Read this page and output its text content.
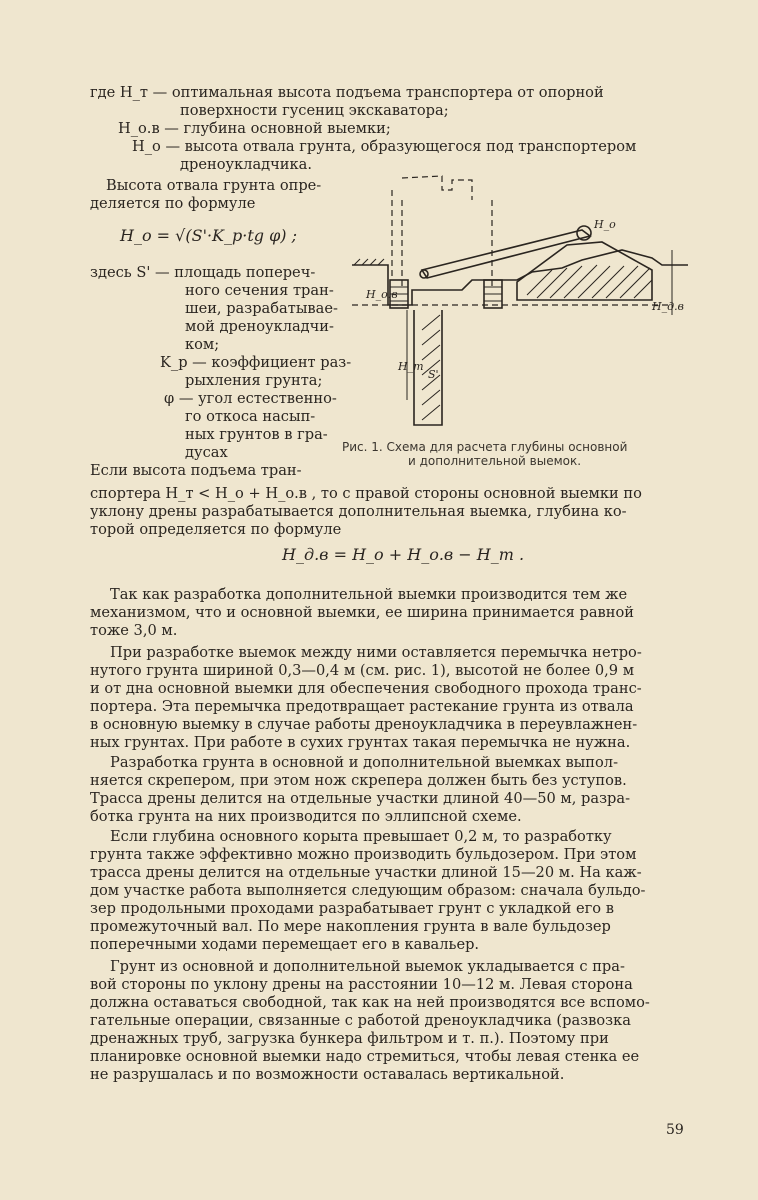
где H_т — оптимальная высота подъема транспортера от опорной
поверхности гусениц экскаватора;
H_о.в — глубина основной выемки;
H_о — высота отвала грунта, образующегося под транспортером
дреноукладчика.
Высота отвала грунта опре-
деляется по формуле
H_о = √(S'·K_р·tg φ) ;
здесь S' — площадь попереч-
ного сечения тран-
шеи, разрабатывае-
мой дреноукладчи-
ком;
K_р — коэффициент раз-
рыхления грунта;
φ — угол естественно-
го откоса насып-
ных грунтов в гра-
дусах
H_о.в
H_т
S'
H_о
H_д.в
Рис. 1. Схема для расчета глубины основной
и дополнительной выемок.
Если высота подъема тран-
спортера H_т < H_о + H_о.в , то с правой стороны основной выемки по
уклону дрены разрабатывается дополнительная выемка, глубина ко-
торой определяется по формуле
H_д.в = H_о + H_о.в − H_т .
Так как разработка дополнительной выемки производится тем же
механизмом, что и основной выемки, ее ширина принимается равной
тоже 3,0 м.
При разработке выемок между ними оставляется перемычка нетро-
нутого грунта шириной 0,3—0,4 м (см. рис. 1), высотой не более 0,9 м
и от дна основной выемки для обеспечения свободного прохода транс-
портера. Эта перемычка предотвращает растекание грунта из отвала
в основную выемку в случае работы дреноукладчика в переувлажнен-
ных грунтах. При работе в сухих грунтах такая перемычка не нужна.
Разработка грунта в основной и дополнительной выемках выпол-
няется скрепером, при этом нож скрепера должен быть без уступов.
Трасса дрены делится на отдельные участки длиной 40—50 м, разра-
ботка грунта на них производится по эллипсной схеме.
Если глубина основного корыта превышает 0,2 м, то разработку
грунта также эффективно можно производить бульдозером. При этом
трасса дрены делится на отдельные участки длиной 15—20 м. На каж-
дом участке работа выполняется следующим образом: сначала бульдо-
зер продольными проходами разрабатывает грунт с укладкой его в
промежуточный вал. По мере накопления грунта в вале бульдозер
поперечными ходами перемещает его в кавальер.
Грунт из основной и дополнительной выемок укладывается с пра-
вой стороны по уклону дрены на расстоянии 10—12 м. Левая сторона
должна оставаться свободной, так как на ней производятся все вспомо-
гательные операции, связанные с работой дреноукладчика (развозка
дренажных труб, загрузка бункера фильтром и т. п.). Поэтому при
планировке основной выемки надо стремиться, чтобы левая стенка ее
не разрушалась и по возможности оставалась вертикальной.
59
